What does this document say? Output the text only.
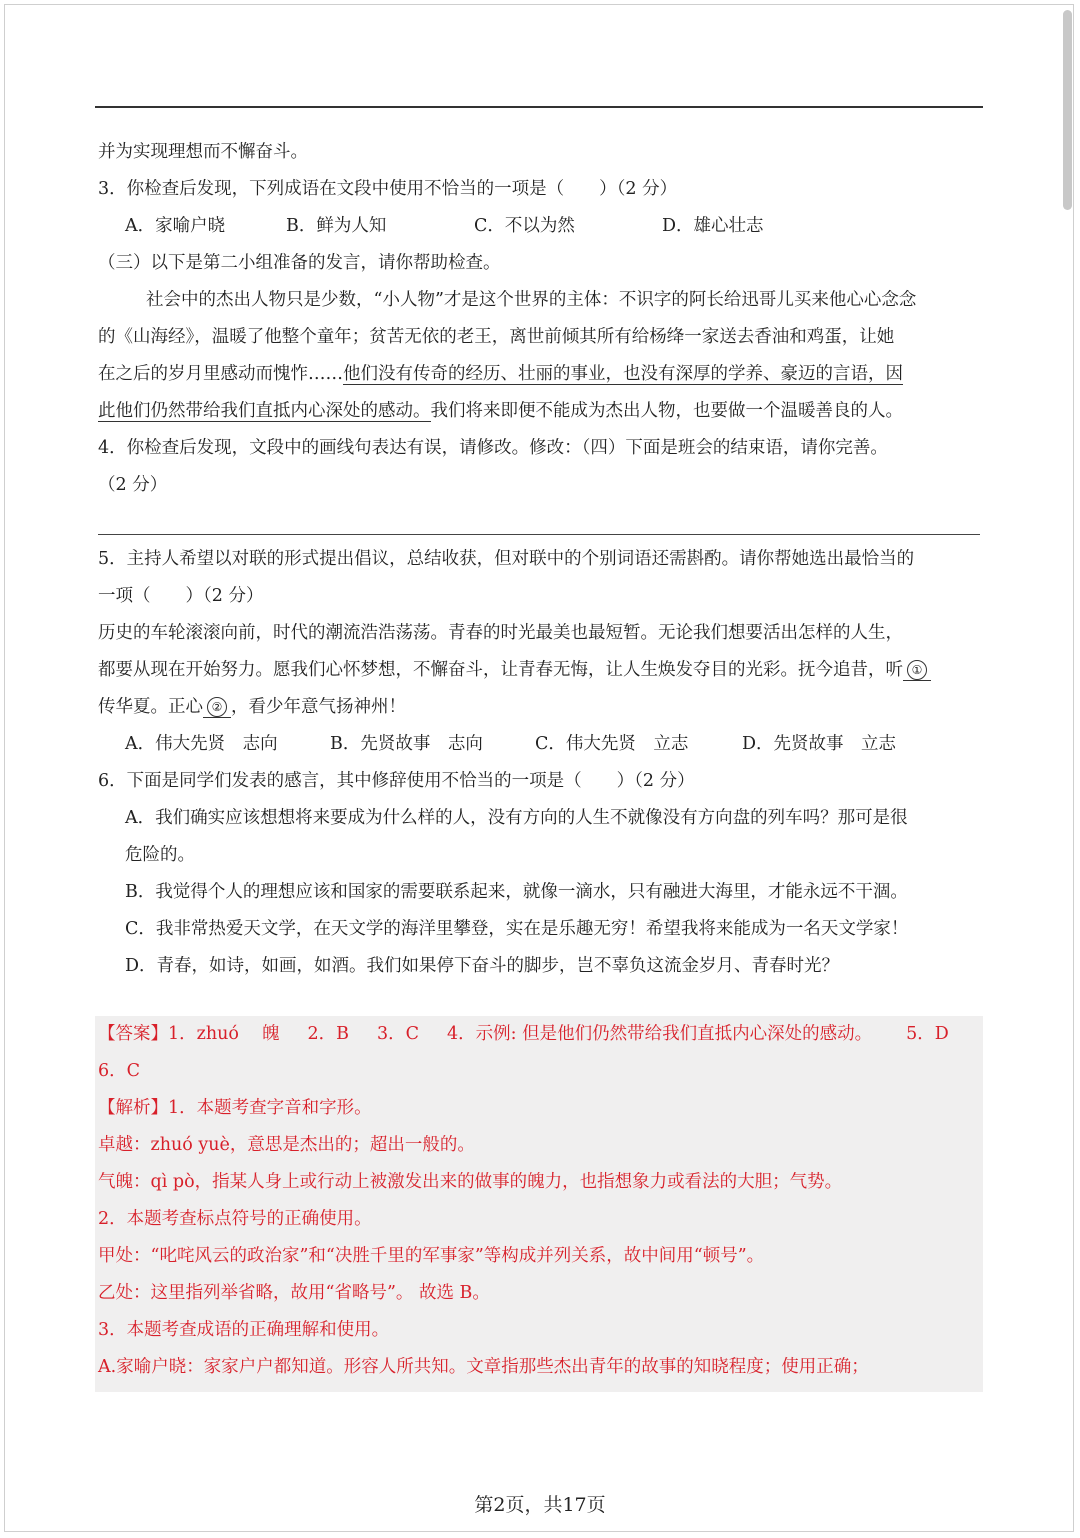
并为实现理想而不懈奋斗。
3．你检查后发现，下列成语在文段中使用不恰当的一项是（　　）（2 分）
A．家喻户晓	B．鲜为人知	C．不以为然	D．雄心壮志
（三）以下是第二小组准备的发言，请你帮助检查。
社会中的杰出人物只是少数，“小人物”才是这个世界的主体：不识字的阿长给迅哥儿买来他心心念念
的《山海经》，温暖了他整个童年；贫苦无依的老王，离世前倾其所有给杨绛一家送去香油和鸡蛋，让她
在之后的岁月里感动而愧怍……他们没有传奇的经历、壮丽的事业，也没有深厚的学养、豪迈的言语，因
此他们仍然带给我们直抵内心深处的感动。我们将来即便不能成为杰出人物，也要做一个温暖善良的人。
4．你检查后发现，文段中的画线句表达有误，请修改。修改：（四）下面是班会的结束语，请你完善。
（2 分）
5．主持人希望以对联的形式提出倡议，总结收获，但对联中的个别词语还需斟酌。请你帮她选出最恰当的
一项（　　）（2 分）
历史的车轮滚滚向前，时代的潮流浩浩荡荡。青春的时光最美也最短暂。无论我们想要活出怎样的人生，
都要从现在开始努力。愿我们心怀梦想，不懈奋斗，让青春无悔，让人生焕发夺目的光彩。抚今追昔，听 ①
传华夏。正心 ② ，看少年意气扬神州！
A．伟大先贤　志向	B．先贤故事　志向	C．伟大先贤　立志	D．先贤故事　立志
6．下面是同学们发表的感言，其中修辞使用不恰当的一项是（　　）（2 分）
A．我们确实应该想想将来要成为什么样的人，没有方向的人生不就像没有方向盘的列车吗？那可是很
危险的。
B．我觉得个人的理想应该和国家的需要联系起来，就像一滴水，只有融进大海里，才能永远不干涸。
C．我非常热爱天文学，在天文学的海洋里攀登，实在是乐趣无穷！希望我将来能成为一名天文学家！
D．青春，如诗，如画，如酒。我们如果停下奋斗的脚步，岂不辜负这流金岁月、青春时光？
【答案】1．zhuó　 魄 2．B 3．C 4．示例: 但是他们仍然带给我们直抵内心深处的感动。 5．D
6．C
【解析】1．本题考查字音和字形。
卓越：zhuó yuè，意思是杰出的；超出一般的。
气魄：qì pò，指某人身上或行动上被激发出来的做事的魄力，也指想象力或看法的大胆；气势。
2．本题考查标点符号的正确使用。
甲处：“叱咤风云的政治家”和“决胜千里的军事家”等构成并列关系，故中间用“顿号”。
乙处：这里指列举省略，故用“省略号”。 故选 B。
3．本题考查成语的正确理解和使用。
A.家喻户晓：家家户户都知道。形容人所共知。文章指那些杰出青年的故事的知晓程度；使用正确；
第2页，共17页
